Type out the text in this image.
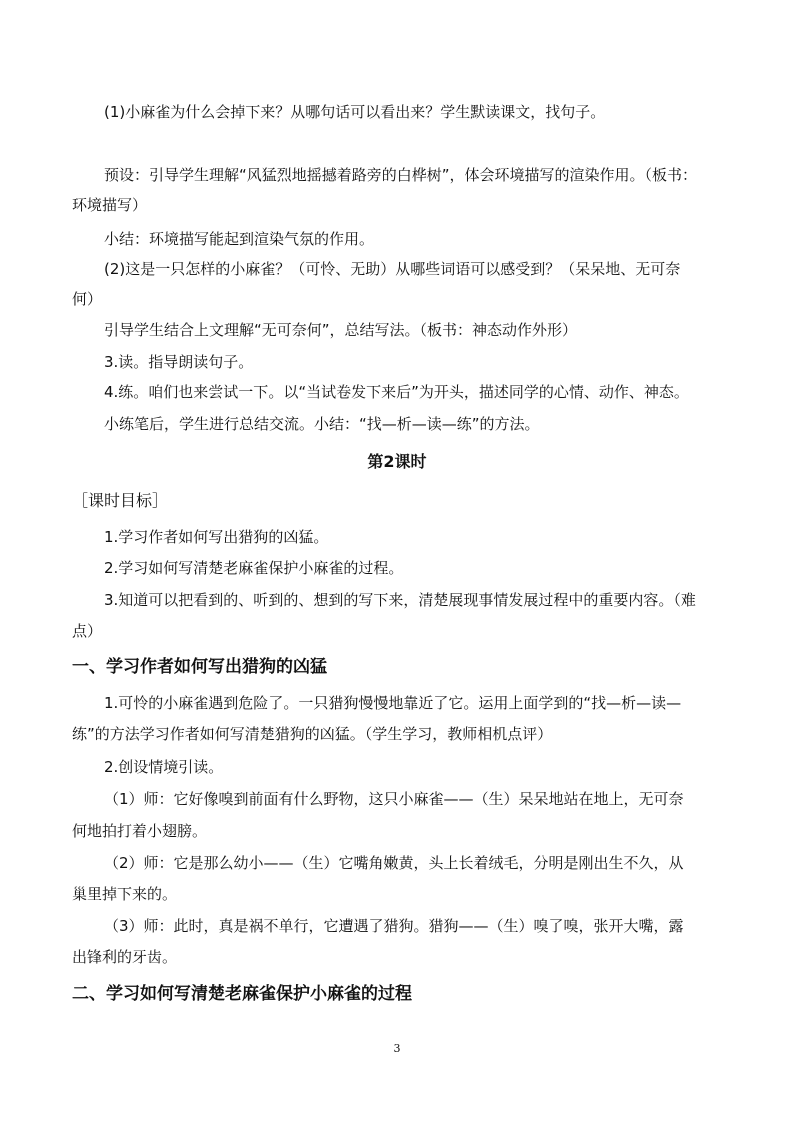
(1)小麻雀为什么会掉下来？从哪句话可以看出来？学生默读课文，找句子。
预设：引导学生理解“风猛烈地摇撼着路旁的白桦树”，体会环境描写的渲染作用。（板书：
环境描写）
小结：环境描写能起到渲染气氛的作用。
(2)这是一只怎样的小麻雀？（可怜、无助）从哪些词语可以感受到？（呆呆地、无可奈
何）
引导学生结合上文理解“无可奈何”，总结写法。（板书：神态动作外形）
3.读。指导朗读句子。
4.练。咱们也来尝试一下。以“当试卷发下来后”为开头，描述同学的心情、动作、神态。
小练笔后，学生进行总结交流。小结：“找—析—读—练”的方法。
第2课时
［课时目标］
1.学习作者如何写出猎狗的凶猛。
2.学习如何写清楚老麻雀保护小麻雀的过程。
3.知道可以把看到的、听到的、想到的写下来，清楚展现事情发展过程中的重要内容。（难
点）
一、学习作者如何写出猎狗的凶猛
1.可怜的小麻雀遇到危险了。一只猎狗慢慢地靠近了它。运用上面学到的“找—析—读—
练”的方法学习作者如何写清楚猎狗的凶猛。（学生学习，教师相机点评）
2.创设情境引读。
（1）师：它好像嗅到前面有什么野物，这只小麻雀——（生）呆呆地站在地上，无可奈
何地拍打着小翅膀。
（2）师：它是那么幼小——（生）它嘴角嫩黄，头上长着绒毛，分明是刚出生不久，从
巢里掉下来的。
（3）师：此时，真是祸不单行，它遭遇了猎狗。猎狗——（生）嗅了嗅，张开大嘴，露
出锋利的牙齿。
二、学习如何写清楚老麻雀保护小麻雀的过程
3
